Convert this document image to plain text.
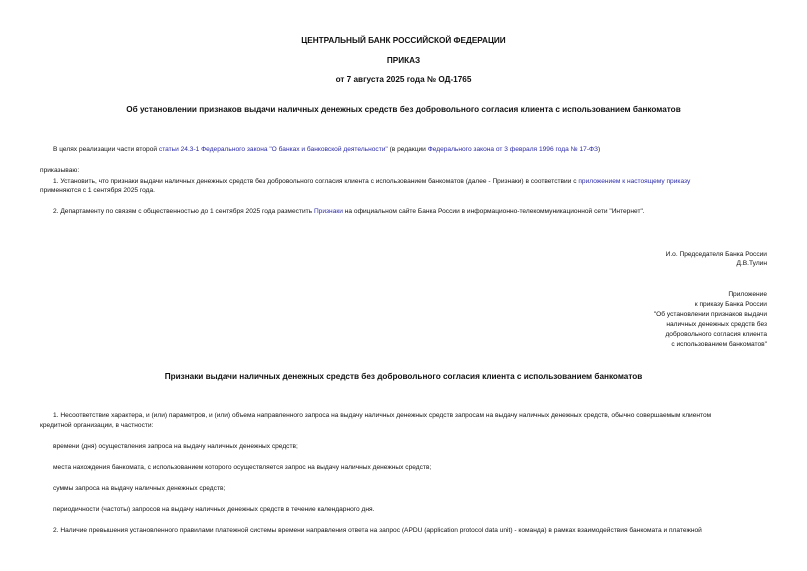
ЦЕНТРАЛЬНЫЙ БАНК РОССИЙСКОЙ ФЕДЕРАЦИИ
ПРИКАЗ
от 7 августа 2025 года № ОД-1765
Об установлении признаков выдачи наличных денежных средств без добровольного согласия клиента с использованием банкоматов
В целях реализации части второй статьи 24.3-1 Федерального закона "О банках и банковской деятельности" (в редакции Федерального закона от 3 февраля 1996 года № 17-ФЗ)
приказываю:
1. Установить, что признаки выдачи наличных денежных средств без добровольного согласия клиента с использованием банкоматов (далее - Признаки) в соответствии с приложением к настоящему приказу
применяются с 1 сентября 2025 года.
2. Департаменту по связям с общественностью до 1 сентября 2025 года разместить Признаки на официальном сайте Банка России в информационно-телекоммуникационной сети "Интернет".
И.о. Председателя Банка России
Д.В.Тулин
Приложение
к приказу Банка России
"Об установлении признаков выдачи
наличных денежных средств без
добровольного согласия клиента
с использованием банкоматов"
Признаки выдачи наличных денежных средств без добровольного согласия клиента с использованием банкоматов
1. Несоответствие характера, и (или) параметров, и (или) объема направленного запроса на выдачу наличных денежных средств запросам на выдачу наличных денежных средств, обычно совершаемым клиентом
кредитной организации, в частности:
времени (дня) осуществления запроса на выдачу наличных денежных средств;
места нахождения банкомата, с использованием которого осуществляется запрос на выдачу наличных денежных средств;
суммы запроса на выдачу наличных денежных средств;
периодичности (частоты) запросов на выдачу наличных денежных средств в течение календарного дня.
2. Наличие превышения установленного правилами платежной системы времени направления ответа на запрос (APDU (application protocol data unit) - команда) в рамках взаимодействия банкомата и платежной
